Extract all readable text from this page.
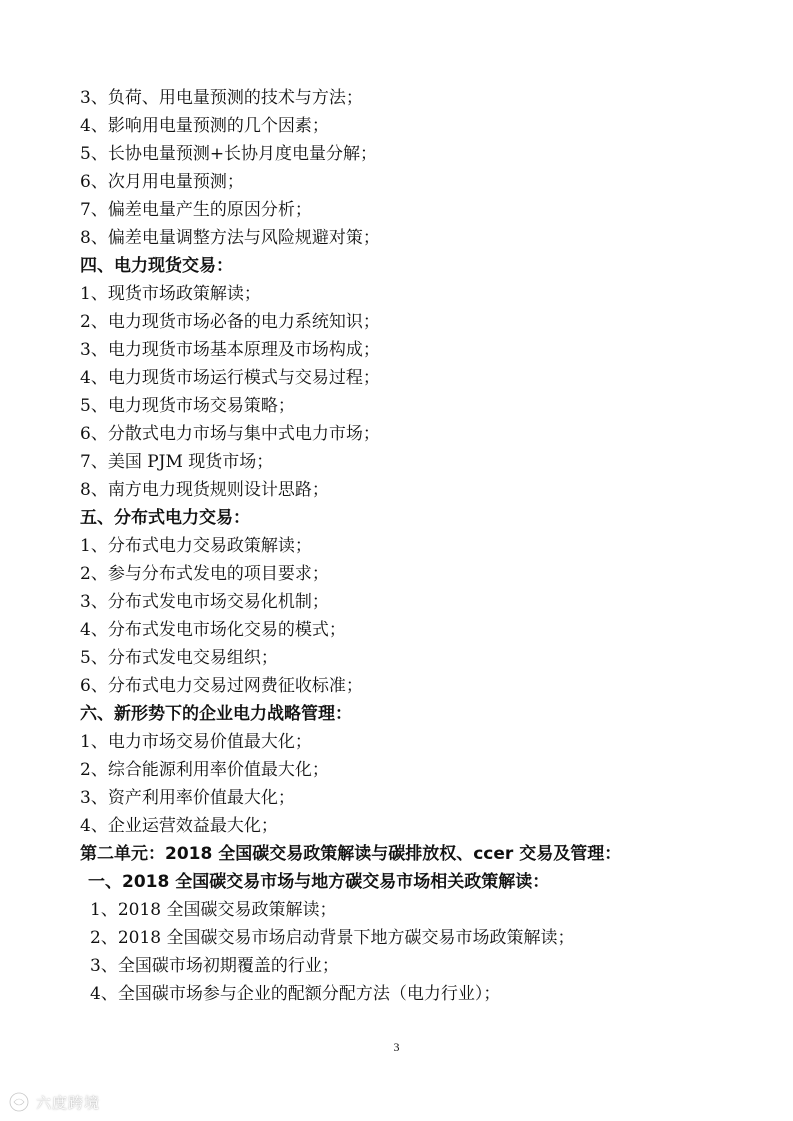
3、负荷、用电量预测的技术与方法；
4、影响用电量预测的几个因素；
5、长协电量预测+长协月度电量分解；
6、次月用电量预测；
7、偏差电量产生的原因分析；
8、偏差电量调整方法与风险规避对策；
四、电力现货交易：
1、现货市场政策解读；
2、电力现货市场必备的电力系统知识；
3、电力现货市场基本原理及市场构成；
4、电力现货市场运行模式与交易过程；
5、电力现货市场交易策略；
6、分散式电力市场与集中式电力市场；
7、美国 PJM 现货市场；
8、南方电力现货规则设计思路；
五、分布式电力交易：
1、分布式电力交易政策解读；
2、参与分布式发电的项目要求；
3、分布式发电市场交易化机制；
4、分布式发电市场化交易的模式；
5、分布式发电交易组织；
6、分布式电力交易过网费征收标准；
六、新形势下的企业电力战略管理：
1、电力市场交易价值最大化；
2、综合能源利用率价值最大化；
3、资产利用率价值最大化；
4、企业运营效益最大化；
第二单元：2018 全国碳交易政策解读与碳排放权、ccer 交易及管理：
一、2018 全国碳交易市场与地方碳交易市场相关政策解读：
1、2018 全国碳交易政策解读；
2、2018 全国碳交易市场启动背景下地方碳交易市场政策解读；
3、全国碳市场初期覆盖的行业；
4、全国碳市场参与企业的配额分配方法（电力行业）；
3
六度跨境
